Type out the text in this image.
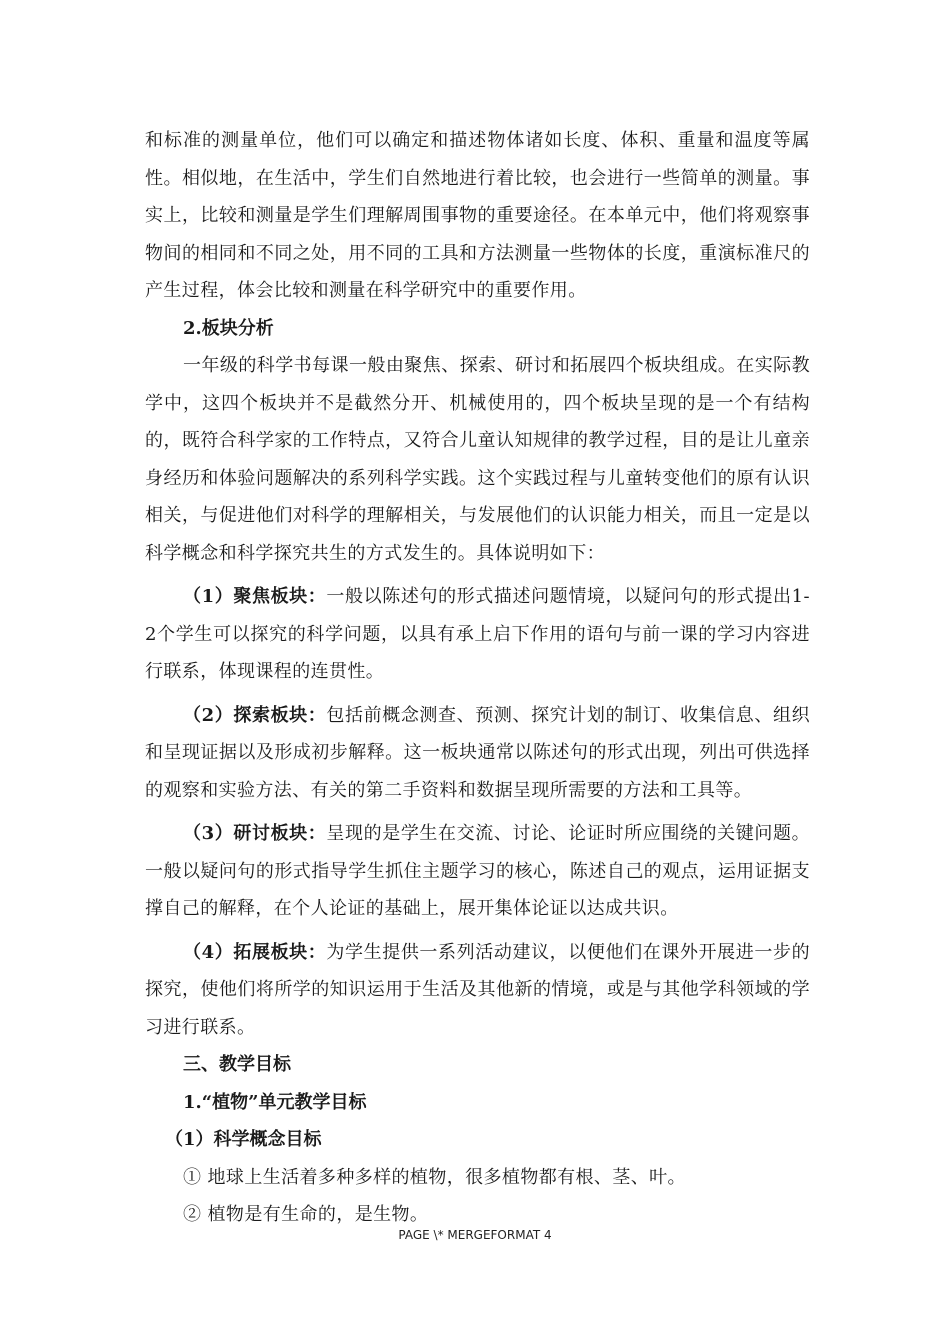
和标准的测量单位，他们可以确定和描述物体诸如长度、体积、重量和温度等属性。相似地，在生活中，学生们自然地进行着比较，也会进行一些简单的测量。事实上，比较和测量是学生们理解周围事物的重要途径。在本单元中，他们将观察事物间的相同和不同之处，用不同的工具和方法测量一些物体的长度，重演标准尺的产生过程，体会比较和测量在科学研究中的重要作用。

2.板块分析

一年级的科学书每课一般由聚焦、探索、研讨和拓展四个板块组成。在实际教学中，这四个板块并不是截然分开、机械使用的，四个板块呈现的是一个有结构的，既符合科学家的工作特点，又符合儿童认知规律的教学过程，目的是让儿童亲身经历和体验问题解决的系列科学实践。这个实践过程与儿童转变他们的原有认识相关，与促进他们对科学的理解相关，与发展他们的认识能力相关，而且一定是以科学概念和科学探究共生的方式发生的。具体说明如下：

（1）聚焦板块：一般以陈述句的形式描述问题情境，以疑问句的形式提出1-2个学生可以探究的科学问题，以具有承上启下作用的语句与前一课的学习内容进行联系，体现课程的连贯性。

（2）探索板块：包括前概念测查、预测、探究计划的制订、收集信息、组织和呈现证据以及形成初步解释。这一板块通常以陈述句的形式出现，列出可供选择的观察和实验方法、有关的第二手资料和数据呈现所需要的方法和工具等。

（3）研讨板块：呈现的是学生在交流、讨论、论证时所应围绕的关键问题。一般以疑问句的形式指导学生抓住主题学习的核心，陈述自己的观点，运用证据支撑自己的解释，在个人论证的基础上，展开集体论证以达成共识。

（4）拓展板块：为学生提供一系列活动建议，以便他们在课外开展进一步的探究，使他们将所学的知识运用于生活及其他新的情境，或是与其他学科领域的学习进行联系。

三、教学目标

1.“植物”单元教学目标

（1）科学概念目标

① 地球上生活着多种多样的植物，很多植物都有根、茎、叶。

② 植物是有生命的，是生物。

PAGE \* MERGEFORMAT 4
